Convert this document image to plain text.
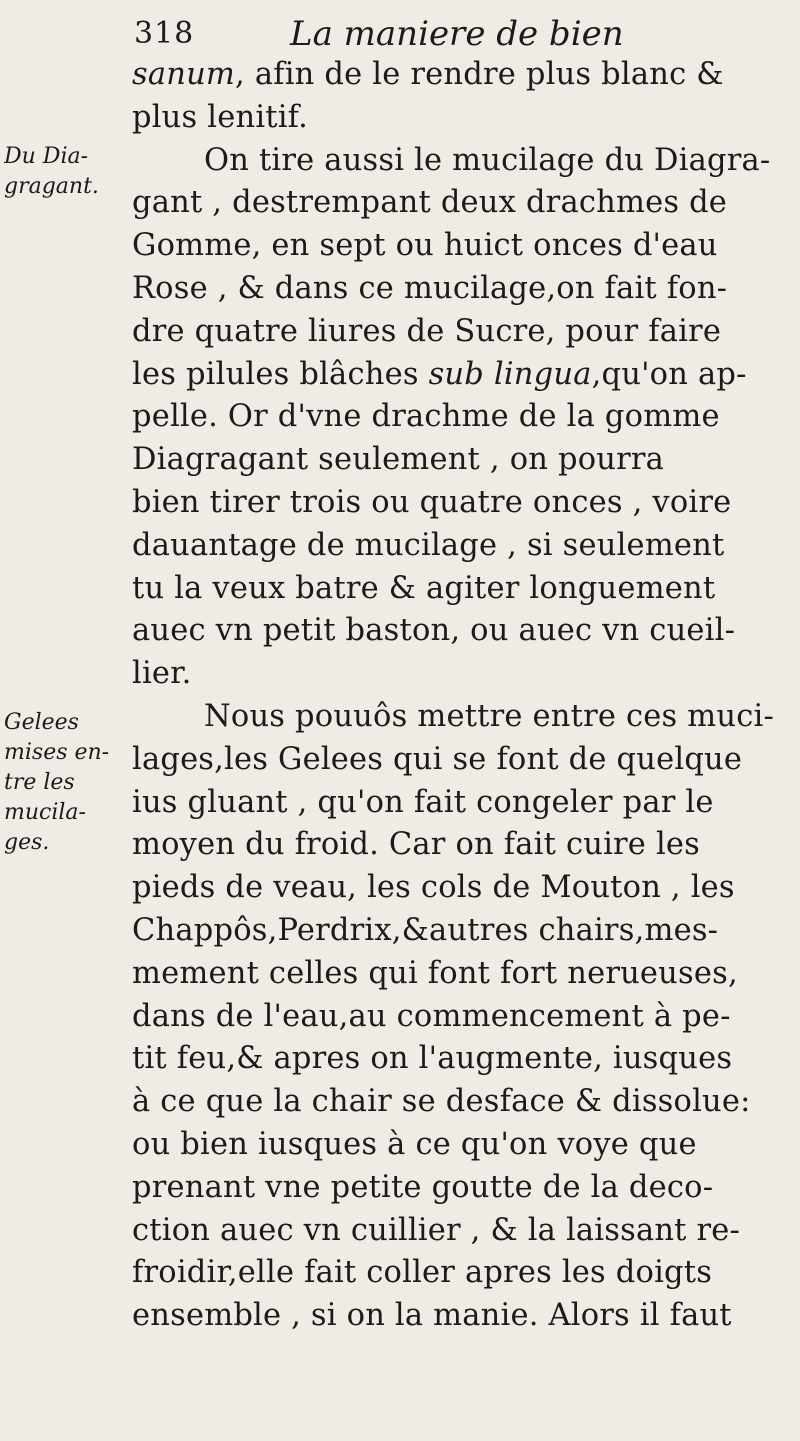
318	La maniere de bien
Du Dia-
gragant.
Gelees
mises en-
tre les
mucila-
ges.
sanum, afin de le rendre plus blanc &
plus lenitif.
On tire aussi le mucilage du Diagra-
gant , destrempant deux drachmes de
Gomme, en sept ou huict onces d'eau
Rose , & dans ce mucilage,on fait fon-
dre quatre liures de Sucre, pour faire
les pilules blâches sub lingua,qu'on ap-
pelle. Or d'vne drachme de la gomme
Diagragant seulement , on pourra
bien tirer trois ou quatre onces , voire
dauantage de mucilage , si seulement
tu la veux batre & agiter longuement
auec vn petit baston, ou auec vn cueil-
lier.
Nous pouuôs mettre entre ces muci-
lages,les Gelees qui se font de quelque
ius gluant , qu'on fait congeler par le
moyen du froid. Car on fait cuire les
pieds de veau, les cols de Mouton , les
Chappôs,Perdrix,&autres chairs,mes-
mement celles qui font fort nerueuses,
dans de l'eau,au commencement à pe-
tit feu,& apres on l'augmente, iusques
à ce que la chair se desface & dissolue:
ou bien iusques à ce qu'on voye que
prenant vne petite goutte de la deco-
ction auec vn cuillier , & la laissant re-
froidir,elle fait coller apres les doigts
ensemble , si on la manie. Alors il faut
